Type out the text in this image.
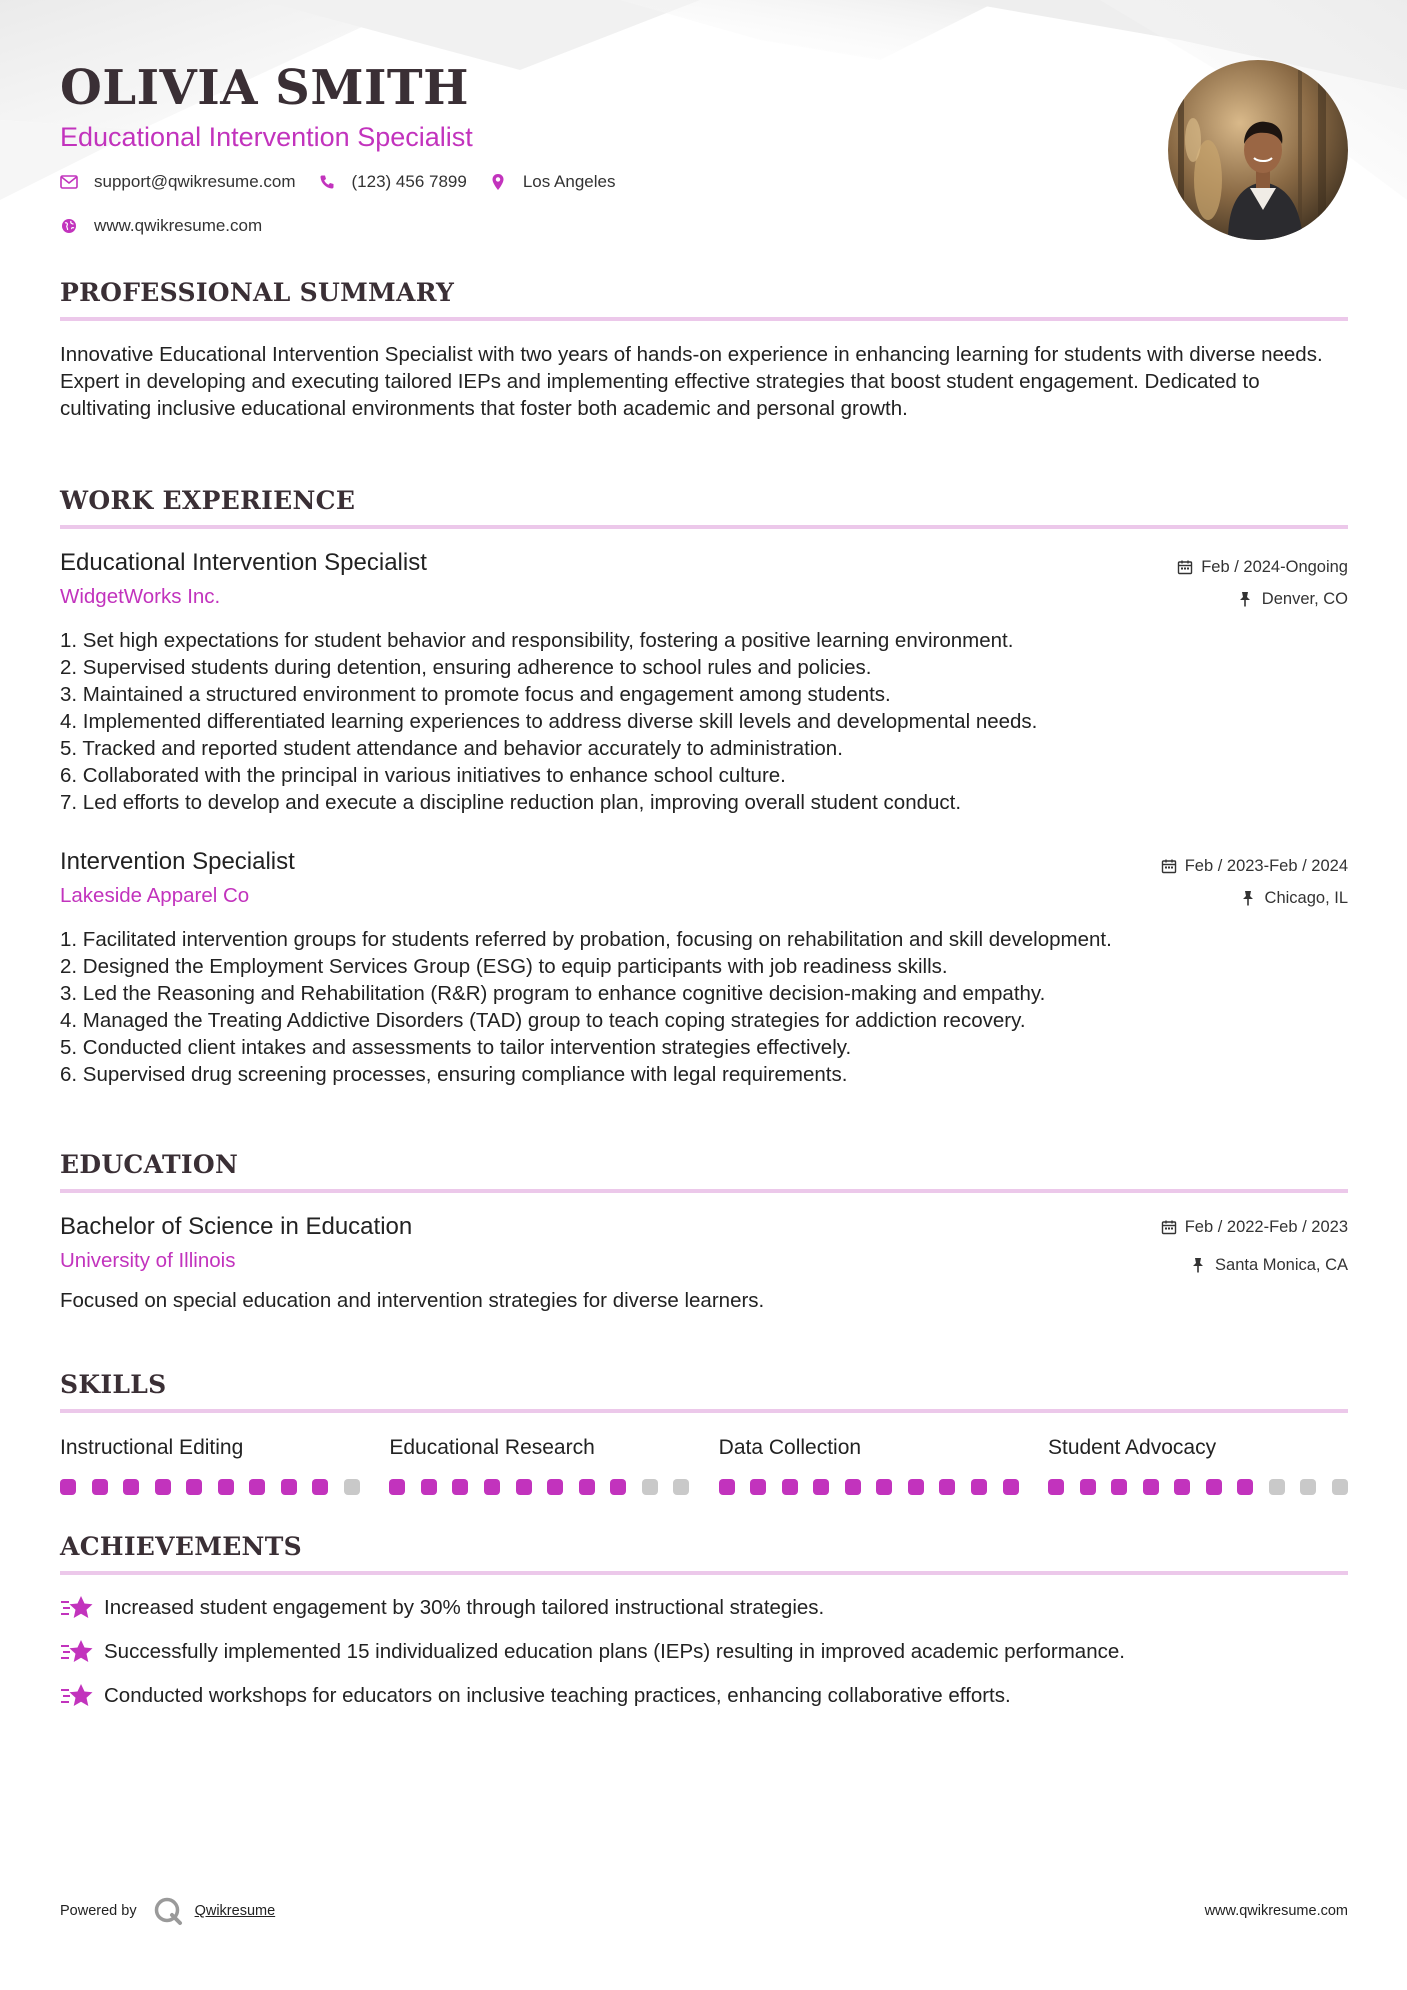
OLIVIA SMITH
Educational Intervention Specialist
support@qwikresume.com	(123) 456 7899	Los Angeles
www.qwikresume.com
PROFESSIONAL SUMMARY

Innovative Educational Intervention Specialist with two years of hands-on experience in enhancing learning for students with diverse needs. Expert in developing and executing tailored IEPs and implementing effective strategies that boost student engagement. Dedicated to cultivating inclusive educational environments that foster both academic and personal growth.

WORK EXPERIENCE
Educational Intervention Specialist
WidgetWorks Inc.
Feb / 2024-Ongoing
Denver, CO
1. Set high expectations for student behavior and responsibility, fostering a positive learning environment.
2. Supervised students during detention, ensuring adherence to school rules and policies.
3. Maintained a structured environment to promote focus and engagement among students.
4. Implemented differentiated learning experiences to address diverse skill levels and developmental needs.
5. Tracked and reported student attendance and behavior accurately to administration.
6. Collaborated with the principal in various initiatives to enhance school culture.
7. Led efforts to develop and execute a discipline reduction plan, improving overall student conduct.
Intervention Specialist
Lakeside Apparel Co
Feb / 2023-Feb / 2024
Chicago, IL
1. Facilitated intervention groups for students referred by probation, focusing on rehabilitation and skill development.
2. Designed the Employment Services Group (ESG) to equip participants with job readiness skills.
3. Led the Reasoning and Rehabilitation (R&R) program to enhance cognitive decision-making and empathy.
4. Managed the Treating Addictive Disorders (TAD) group to teach coping strategies for addiction recovery.
5. Conducted client intakes and assessments to tailor intervention strategies effectively.
6. Supervised drug screening processes, ensuring compliance with legal requirements.
EDUCATION
Bachelor of Science in Education
University of Illinois
Feb / 2022-Feb / 2023
Santa Monica, CA

Focused on special education and intervention strategies for diverse learners.

SKILLS
Instructional Editing	Educational Research	Data Collection	Student Advocacy
ACHIEVEMENTS
Increased student engagement by 30% through tailored instructional strategies.
Successfully implemented 15 individualized education plans (IEPs) resulting in improved academic performance.
Conducted workshops for educators on inclusive teaching practices, enhancing collaborative efforts.
Powered by	Qwikresume	www.qwikresume.com
